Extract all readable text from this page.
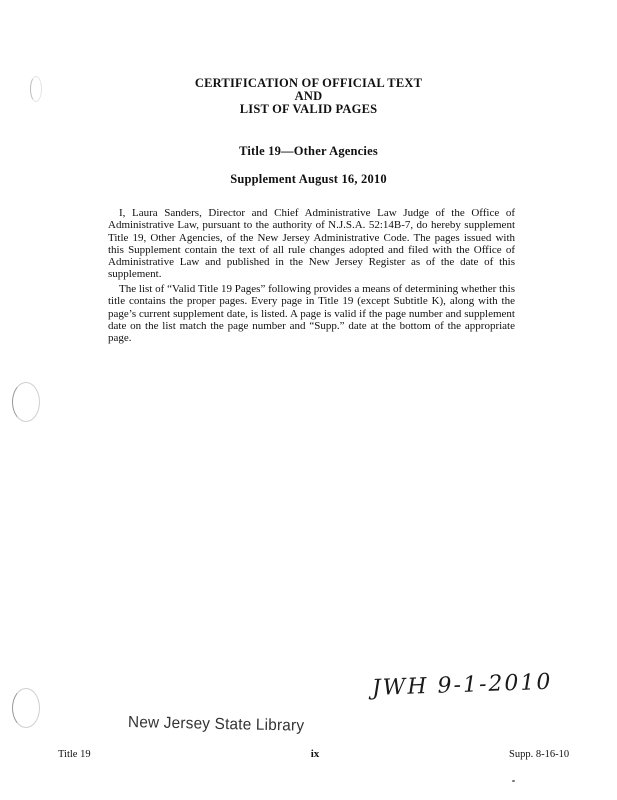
CERTIFICATION OF OFFICIAL TEXT
AND
LIST OF VALID PAGES
Title 19—Other Agencies
Supplement August 16, 2010

I, Laura Sanders, Director and Chief Administrative Law Judge of the Office of Administrative Law, pursuant to the authority of N.J.S.A. 52:14B-7, do hereby supplement Title 19, Other Agencies, of the New Jersey Administrative Code. The pages issued with this Supplement contain the text of all rule changes adopted and filed with the Office of Administrative Law and published in the New Jersey Register as of the date of this supplement.

The list of “Valid Title 19 Pages” following provides a means of determining whether this title contains the proper pages. Every page in Title 19 (except Subtitle K), along with the page’s current supplement date, is listed. A page is valid if the page number and supplement date on the list match the page number and “Supp.” date at the bottom of the appropriate page.

JWH 9-1-2010
New Jersey State Library
Title 19	ix	Supp. 8-16-10
